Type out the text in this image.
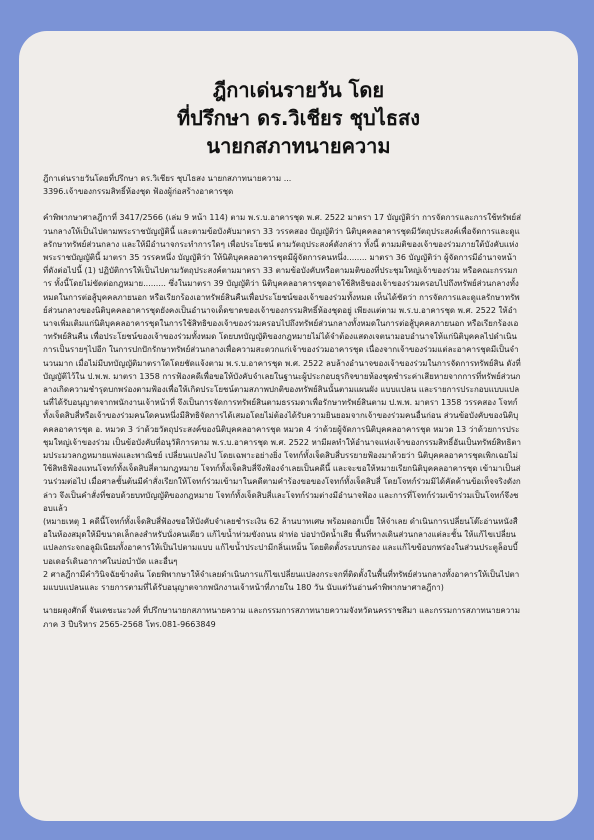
ฎีกาเด่นรายวัน โดย
ที่ปรึกษา ดร.วิเชียร ชุบไธสง
นายกสภาทนายความ

ฎีกาเด่นรายวันโดยที่ปรึกษา ดร.วิเชียร ชุบไธสง นายกสภาทนายความ ...

3396.เจ้าของกรรมสิทธิ์ห้องชุด ฟ้องผู้ก่อสร้างอาคารชุด

คำพิพากษาศาลฎีกาที่ 3417/2566 (เล่ม 9 หน้า 114) ตาม พ.ร.บ.อาคารชุด พ.ศ. 2522 มาตรา 17 บัญญัติว่า การจัดการและการใช้ทรัพย์ส่วนกลางให้เป็นไปตามพระราชบัญญัตินี้ และตามข้อบังคับมาตรา 33 วรรคสอง บัญญัติว่า นิติบุคคลอาคารชุดมีวัตถุประสงค์เพื่อจัดการและดูแลรักษาทรัพย์ส่วนกลาง และให้มีอำนาจกระทำการใดๆ เพื่อประโยชน์ ตามวัตถุประสงค์ดังกล่าว ทั้งนี้ ตามมติของเจ้าของร่วมภายใต้บังคับแห่งพระราชบัญญัตินี้ มาตรา 35 วรรคหนึ่ง บัญญัติว่า ให้นิติบุคคลอาคารชุดมีผู้จัดการคนหนึ่ง........ มาตรา 36 บัญญัติว่า ผู้จัดการมีอำนาจหน้าที่ดังต่อไปนี้ (1) ปฏิบัติการให้เป็นไปตามวัตถุประสงค์ตามมาตรา 33 ตามข้อบังคับหรือตามมติของที่ประชุมใหญ่เจ้าของร่วม หรือคณะกรรมการ ทั้งนี้โดยไม่ขัดต่อกฎหมาย......... ซึ่งในมาตรา 39 บัญญัติว่า นิติบุคคลอาคารชุดอาจใช้สิทธิของเจ้าของร่วมครอบไปถึงทรัพย์ส่วนกลางทั้งหมดในการต่อสู้บุคคลภายนอก หรือเรียกร้องเอาทรัพย์สินคืนเพื่อประโยชน์ของเจ้าของร่วมทั้งหมด เห็นได้ชัดว่า การจัดการและดูแลรักษาทรัพย์ส่วนกลางของนิติบุคคลอาคารชุดยังคงเป็นอำนาจเด็ดขาดของเจ้าของกรรมสิทธิ์ห้องชุดอยู่ เพียงแต่ตาม พ.ร.บ.อาคารชุด พ.ศ. 2522 ให้อำนาจเพิ่มเติมแก่นิติบุคคลอาคารชุดในการใช้สิทธิของเจ้าของร่วมครอบไปถึงทรัพย์ส่วนกลางทั้งหมดในการต่อสู้บุคคลภายนอก หรือเรียกร้องเอาทรัพย์สินคืน เพื่อประโยชน์ของเจ้าของร่วมทั้งหมด โดยบทบัญญัติของกฎหมายไม่ได้จำต้องแสดงเจตนามอบอำนาจให้แก่นิติบุคคลไปดำเนินการเป็นรายๆไปอีก ในการปกปักรักษาทรัพย์ส่วนกลางเพื่อความสะดวกแก่เจ้าของร่วมอาคารชุด เนื่องจากเจ้าของร่วมแต่ละอาคารชุดมีเป็นจำนวนมาก เมื่อไม่มีบทบัญญัติมาตราใดโดยชัดแจ้งตาม พ.ร.บ.อาคารชุด พ.ศ. 2522 ลบล้างอำนาจของเจ้าของร่วมในการจัดการทรัพย์สิน ดังที่บัญญัติไว้ใน ป.พ.พ. มาตรา 1358 การฟ้องคดีเพื่อขอให้บังคับจำเลยในฐานะผู้ประกอบธุรกิจขายห้องชุดชำระค่าเสียหายจากการที่ทรัพย์ส่วนกลางเกิดความชำรุดบกพร่องตามฟ้องเพื่อให้เกิดประโยชน์ตามสภาพปกติของทรัพย์สินนั้นตามแผนผัง แบบแปลน และรายการประกอบแบบแปลนที่ได้รับอนุญาตจากพนักงานเจ้าหน้าที่ จึงเป็นการจัดการทรัพย์สินตามธรรมดาเพื่อรักษาทรัพย์สินตาม ป.พ.พ. มาตรา 1358 วรรคสอง โจทก์ทั้งเจ็ดสิบสี่หรือเจ้าของร่วมคนใดคนหนึ่งมีสิทธิจัดการได้เสมอโดยไม่ต้องได้รับความยินยอมจากเจ้าของร่วมคนอื่นก่อน ส่วนข้อบังคับของนิติบุคคลอาคารชุด อ. หมวด 3 ว่าด้วยวัตถุประสงค์ของนิติบุคคลอาคารชุด หมวด 4 ว่าด้วยผู้จัดการนิติบุคคลอาคารชุด หมวด 13 ว่าด้วยการประชุมใหญ่เจ้าของร่วม เป็นข้อบังคับที่อนุวัติการตาม พ.ร.บ.อาคารชุด พ.ศ. 2522 หามีผลทำให้อำนาจแห่งเจ้าของกรรมสิทธิ์อันเป็นทรัพย์สิทธิตามประมวลกฎหมายแพ่งและพาณิชย์ เปลี่ยนแปลงไป โดยเฉพาะอย่างยิ่ง โจทก์ทั้งเจ็ดสิบสี่บรรยายฟ้องมาด้วยว่า นิติบุคคลอาคารชุดเพิกเฉยไม่ใช้สิทธิฟ้องแทนโจทก์ทั้งเจ็ดสิบสี่ตามกฎหมาย โจทก์ทั้งเจ็ดสิบสี่จึงฟ้องจำเลยเป็นคดีนี้ และจะขอให้หมายเรียกนิติบุคคลอาคารชุด เข้ามาเป็นส่วนร่วมต่อไป เมื่อศาลชั้นต้นมีคำสั่งเรียกให้โจทก์ร่วมเข้ามาในคดีตามคำร้องขอของโจทก์ทั้งเจ็ดสิบสี่ โดยโจทก์ร่วมมิได้คัดค้านข้อเท็จจริงดังกล่าว จึงเป็นคำสั่งที่ชอบด้วยบทบัญญัติของกฎหมาย โจทก์ทั้งเจ็ดสิบสี่และโจทก์ร่วมต่างมีอำนาจฟ้อง และการที่โจทก์ร่วมเข้าร่วมเป็นโจทก์จึงชอบแล้ว

(หมายเหตุ 1 คดีนี้โจทก์ทั้งเจ็ดสิบสี่ฟ้องขอให้บังคับจำเลยชำระเงิน 62 ล้านบาทเศษ พร้อมดอกเบี้ย ให้จำเลย ดำเนินการเปลี่ยนโต๊ะอ่านหนังสือในห้องสมุดให้มีขนาดเล็กลงสำหรับนั่งคนเดียว แก้ไขน้ำท่วมขังถนน ฝาท่อ บ่อปาบัดน้ำเสีย พื้นที่ทางเดินส่วนกลางแต่ละชั้น ให้แก้ไขเปลี่ยนแปลงกระจกอลูมิเนียมทั้งอาคารให้เป็นไปตามแบบ แก้ไขน้ำประปามีกลิ่นเหม็น โดยติดตั้งระบบกรอง และแก้ไขข้อบกพร่องในส่วนประตูล็อบบี้ บอเดอร์เดินอากาศในบ่อบำบัด และอื่นๆ

2 ศาลฎีกามีคำวินิจฉัยข้างต้น โดยพิพากษาให้จำเลยดำเนินการแก้ไขเปลี่ยนแปลงกระจกที่ติดตั้งในพื้นที่ทรัพย์ส่วนกลางทั้งอาคารให้เป็นไปตามแบบแปลนและ รายการตามที่ได้รับอนุญาตจากพนักงานเจ้าหน้าที่ภายใน 180 วัน นับแต่วันอ่านคำพิพากษาศาลฎีกา)

นายผดุงศักดิ์ จันเดชะนะวงศ์ ที่ปรึกษานายกสภาทนายความ และกรรมการสภาทนายความจังหวัดนครราชสีมา และกรรมการสภาทนายความภาค 3 ปีบริหาร 2565-2568 โทร.081-9663849
